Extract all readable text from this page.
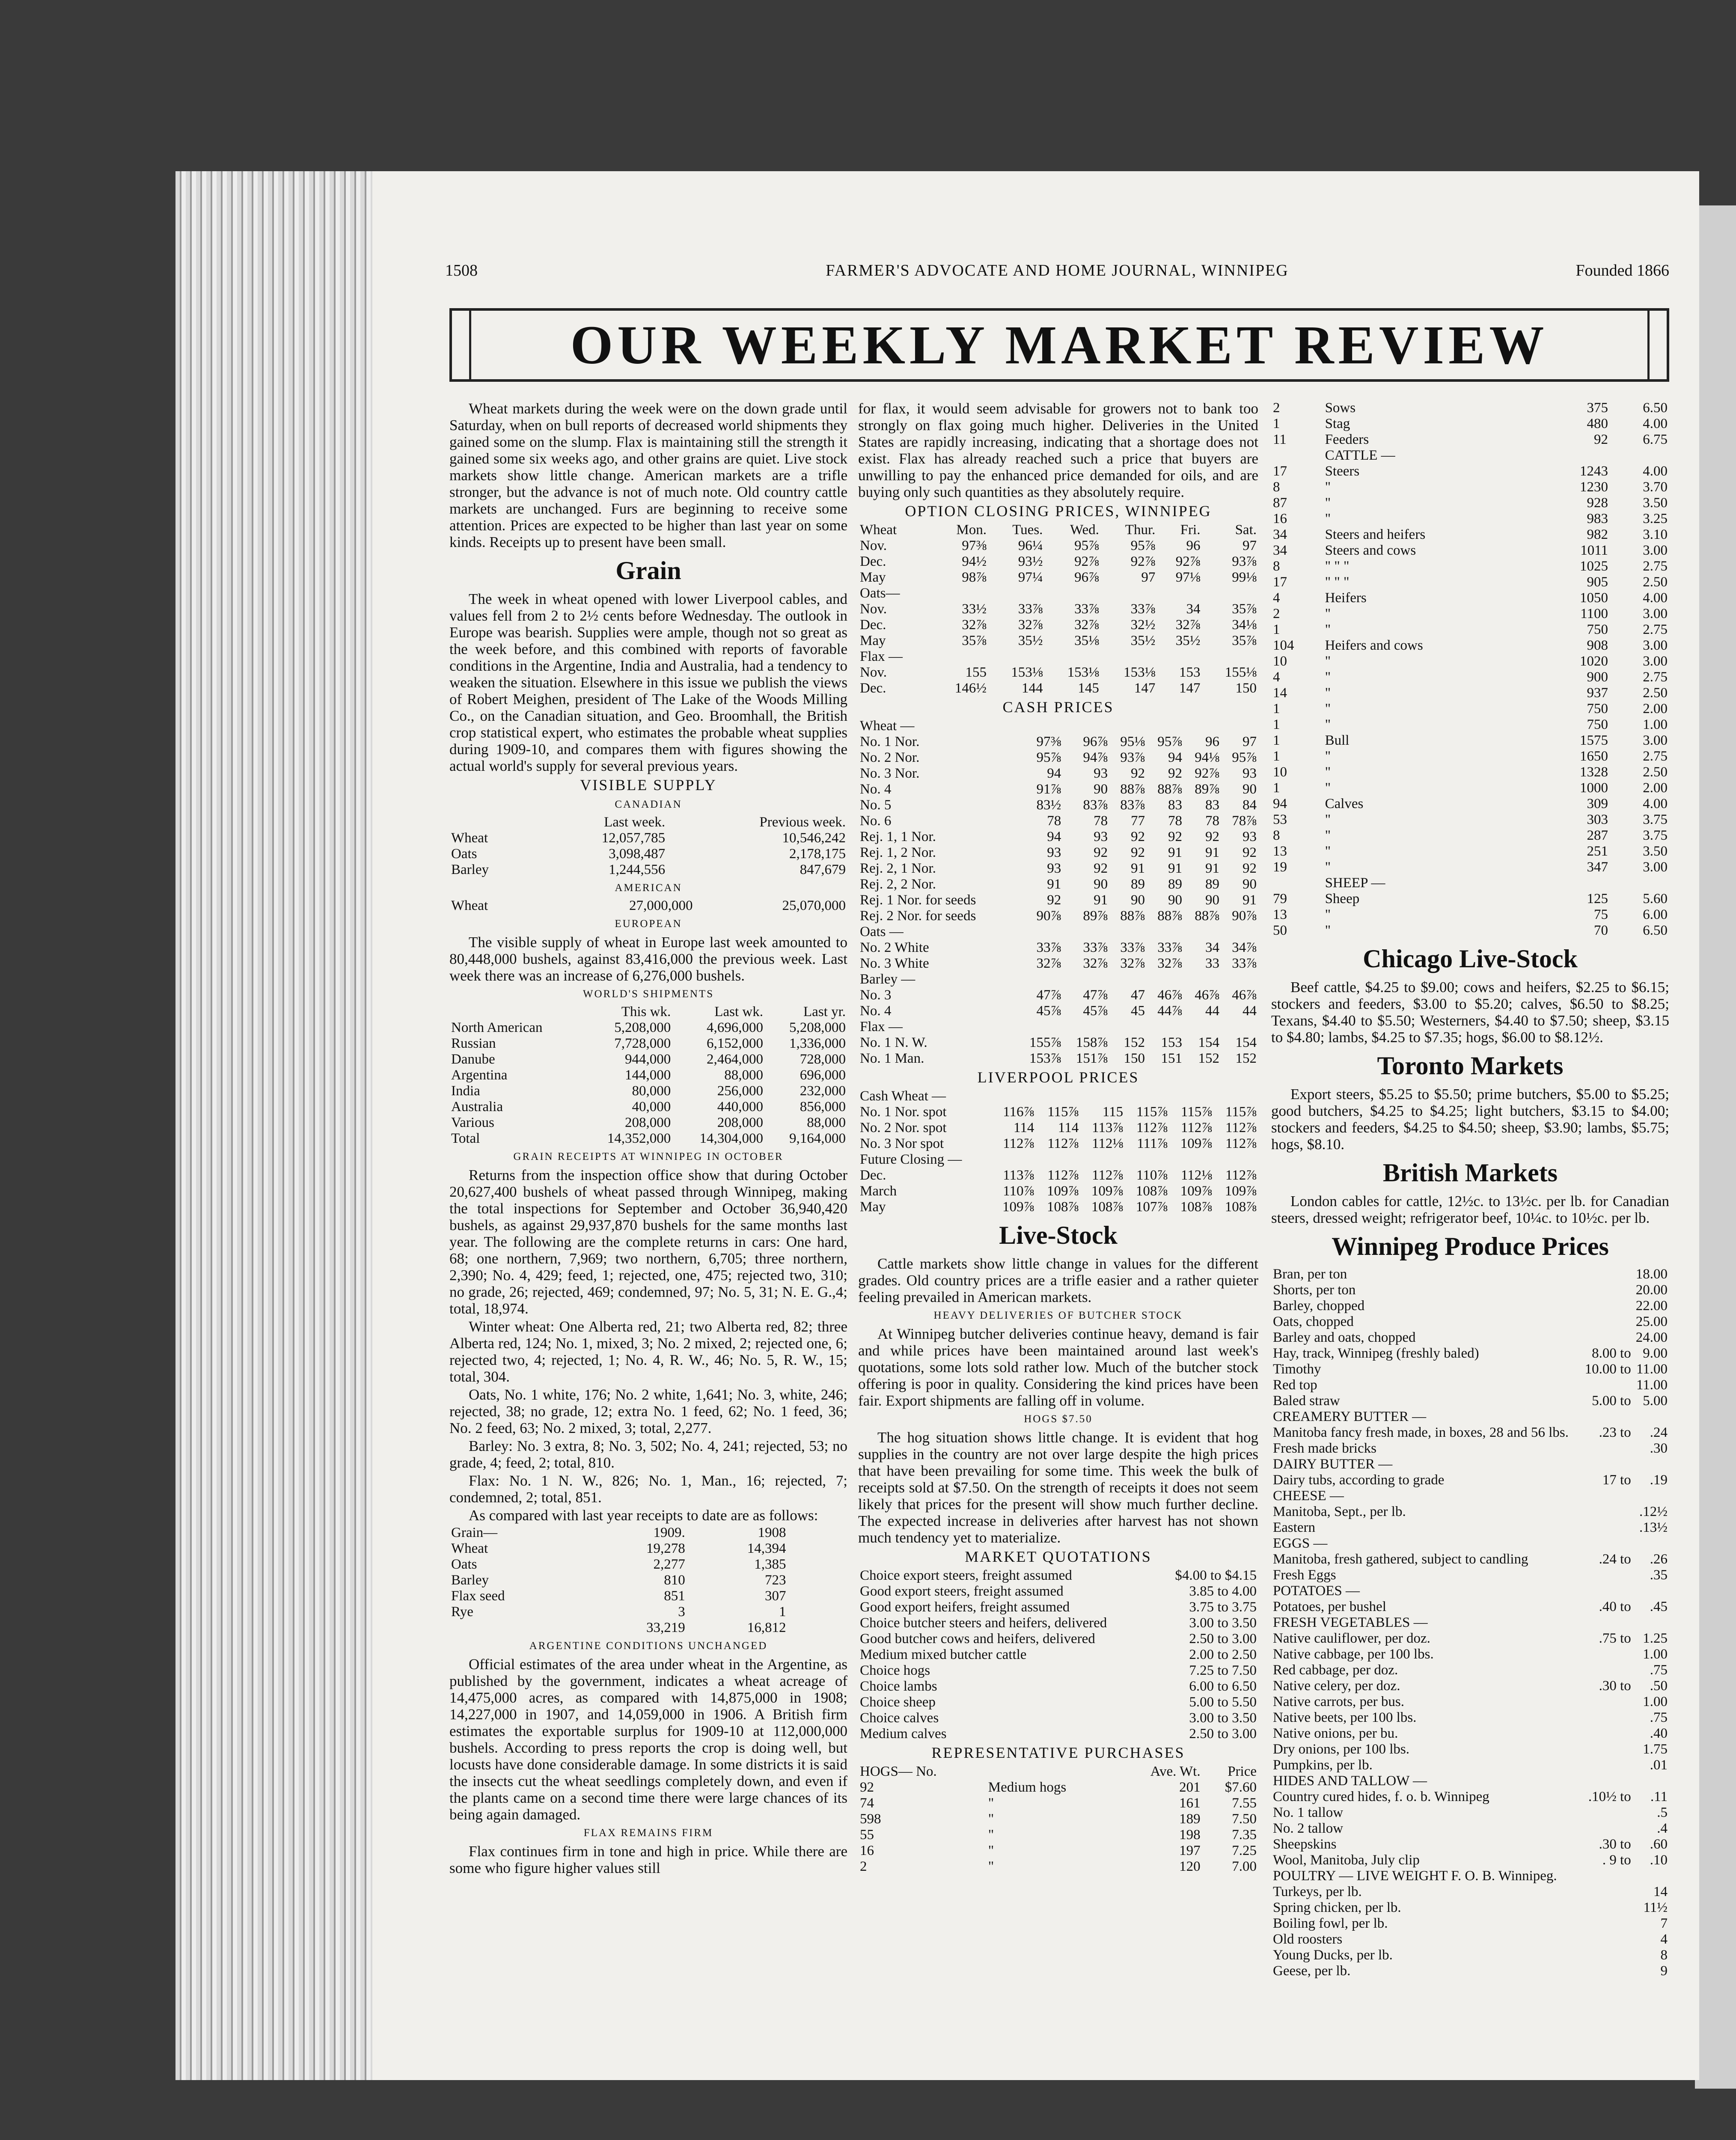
1508	FARMER'S ADVOCATE AND HOME JOURNAL, WINNIPEG	Founded 1866
OUR WEEKLY MARKET REVIEW

Wheat markets during the week were on the down grade until Saturday, when on bull reports of decreased world shipments they gained some on the slump. Flax is maintaining still the strength it gained some six weeks ago, and other grains are quiet. Live stock markets show little change. American markets are a trifle stronger, but the advance is not of much note. Old country cattle markets are unchanged. Furs are beginning to receive some attention. Prices are expected to be higher than last year on some kinds. Receipts up to present have been small.

Grain

The week in wheat opened with lower Liverpool cables, and values fell from 2 to 2½ cents before Wednesday. The outlook in Europe was bearish. Supplies were ample, though not so great as the week before, and this combined with reports of favorable conditions in the Argentine, India and Australia, had a tendency to weaken the situation. Elsewhere in this issue we publish the views of Robert Meighen, president of The Lake of the Woods Milling Co., on the Canadian situation, and Geo. Broomhall, the British crop statistical expert, who estimates the probable wheat supplies during 1909-10, and compares them with figures showing the actual world's supply for several previous years.

VISIBLE SUPPLY
CANADIAN
	Last week.	Previous week.
Wheat	12,057,785	10,546,242
Oats	3,098,487	2,178,175
Barley	1,244,556	847,679
AMERICAN
Wheat	27,000,000	25,070,000
EUROPEAN

The visible supply of wheat in Europe last week amounted to 80,448,000 bushels, against 83,416,000 the previous week. Last week there was an increase of 6,276,000 bushels.

WORLD'S SHIPMENTS
	This wk.	Last wk.	Last yr.
North American	5,208,000	4,696,000	5,208,000
Russian	7,728,000	6,152,000	1,336,000
Danube	944,000	2,464,000	728,000
Argentina	144,000	88,000	696,000
India	80,000	256,000	232,000
Australia	40,000	440,000	856,000
Various	208,000	208,000	88,000
Total	14,352,000	14,304,000	9,164,000
GRAIN RECEIPTS AT WINNIPEG IN OCTOBER

Returns from the inspection office show that during October 20,627,400 bushels of wheat passed through Winnipeg, making the total inspections for September and October 36,940,420 bushels, as against 29,937,870 bushels for the same months last year. The following are the complete returns in cars: One hard, 68; one northern, 7,969; two northern, 6,705; three northern, 2,390; No. 4, 429; feed, 1; rejected, one, 475; rejected two, 310; no grade, 26; rejected, 469; condemned, 97; No. 5, 31; N. E. G.,4; total, 18,974.

Winter wheat: One Alberta red, 21; two Alberta red, 82; three Alberta red, 124; No. 1, mixed, 3; No. 2 mixed, 2; rejected one, 6; rejected two, 4; rejected, 1; No. 4, R. W., 46; No. 5, R. W., 15; total, 304.

Oats, No. 1 white, 176; No. 2 white, 1,641; No. 3, white, 246; rejected, 38; no grade, 12; extra No. 1 feed, 62; No. 1 feed, 36; No. 2 feed, 63; No. 2 mixed, 3; total, 2,277.

Barley: No. 3 extra, 8; No. 3, 502; No. 4, 241; rejected, 53; no grade, 4; feed, 2; total, 810.

Flax: No. 1 N. W., 826; No. 1, Man., 16; rejected, 7; condemned, 2; total, 851.

As compared with last year receipts to date are as follows:

Grain—	1909.	1908
Wheat	19,278	14,394
Oats	2,277	1,385
Barley	810	723
Flax seed	851	307
Rye	3	1
	33,219	16,812
ARGENTINE CONDITIONS UNCHANGED

Official estimates of the area under wheat in the Argentine, as published by the government, indicates a wheat acreage of 14,475,000 acres, as compared with 14,875,000 in 1908; 14,227,000 in 1907, and 14,059,000 in 1906. A British firm estimates the exportable surplus for 1909-10 at 112,000,000 bushels. According to press reports the crop is doing well, but locusts have done considerable damage. In some districts it is said the insects cut the wheat seedlings completely down, and even if the plants came on a second time there were large chances of its being again damaged.

FLAX REMAINS FIRM

Flax continues firm in tone and high in price. While there are some who figure higher values still

for flax, it would seem advisable for growers not to bank too strongly on flax going much higher. Deliveries in the United States are rapidly increasing, indicating that a shortage does not exist. Flax has already reached such a price that buyers are unwilling to pay the enhanced price demanded for oils, and are buying only such quantities as they absolutely require.

OPTION CLOSING PRICES, WINNIPEG
Wheat	Mon.	Tues.	Wed.	Thur.	Fri.	Sat.
Nov.	97⅜	96¼	95⅞	95⅞	96	97
Dec.	94½	93½	92⅞	92⅞	92⅞	93⅞
May	98⅞	97¼	96⅞	97	97⅛	99⅛
Oats—						
Nov.	33½	33⅞	33⅞	33⅞	34	35⅞
Dec.	32⅞	32⅞	32⅞	32½	32⅞	34⅛
May	35⅞	35½	35⅛	35½	35½	35⅞
Flax —						
Nov.	155	153⅛	153⅛	153⅛	153	155⅛
Dec.	146½	144	145	147	147	150
CASH PRICES
Wheat —						
No. 1 Nor.	97⅜	96⅞	95⅛	95⅞	96	97
No. 2 Nor.	95⅞	94⅞	93⅞	94	94⅛	95⅞
No. 3 Nor.	94	93	92	92	92⅞	93
No. 4	91⅞	90	88⅞	88⅞	89⅞	90
No. 5	83½	83⅞	83⅞	83	83	84
No. 6	78	78	77	78	78	78⅞
Rej. 1, 1 Nor.	94	93	92	92	92	93
Rej. 1, 2 Nor.	93	92	92	91	91	92
Rej. 2, 1 Nor.	93	92	91	91	91	92
Rej. 2, 2 Nor.	91	90	89	89	89	90
Rej. 1 Nor. for seeds	92	91	90	90	90	91
Rej. 2 Nor. for seeds	90⅞	89⅞	88⅞	88⅞	88⅞	90⅞
Oats —						
No. 2 White	33⅞	33⅞	33⅞	33⅞	34	34⅞
No. 3 White	32⅞	32⅞	32⅞	32⅞	33	33⅞
Barley —						
No. 3	47⅞	47⅞	47	46⅞	46⅞	46⅞
No. 4	45⅞	45⅞	45	44⅞	44	44
Flax —						
No. 1 N. W.	155⅞	158⅞	152	153	154	154
No. 1 Man.	153⅞	151⅞	150	151	152	152
LIVERPOOL PRICES
Cash Wheat —						
No. 1 Nor. spot	116⅞	115⅞	115	115⅞	115⅞	115⅞
No. 2 Nor. spot	114	114	113⅞	112⅞	112⅞	112⅞
No. 3 Nor spot	112⅞	112⅞	112⅛	111⅞	109⅞	112⅞
Future Closing —						
Dec.	113⅞	112⅞	112⅞	110⅞	112⅛	112⅞
March	110⅞	109⅞	109⅞	108⅞	109⅞	109⅞
May	109⅞	108⅞	108⅞	107⅞	108⅞	108⅞
Live-Stock

Cattle markets show little change in values for the different grades. Old country prices are a trifle easier and a rather quieter feeling prevailed in American markets.

HEAVY DELIVERIES OF BUTCHER STOCK

At Winnipeg butcher deliveries continue heavy, demand is fair and while prices have been maintained around last week's quotations, some lots sold rather low. Much of the butcher stock offering is poor in quality. Considering the kind prices have been fair. Export shipments are falling off in volume.

HOGS $7.50

The hog situation shows little change. It is evident that hog supplies in the country are not over large despite the high prices that have been prevailing for some time. This week the bulk of receipts sold at $7.50. On the strength of receipts it does not seem likely that prices for the present will show much further decline. The expected increase in deliveries after harvest has not shown much tendency yet to materialize.

MARKET QUOTATIONS
Choice export steers, freight assumed	$4.00 to $4.15
Good export steers, freight assumed	3.85 to 4.00
Good export heifers, freight assumed	3.75 to 3.75
Choice butcher steers and heifers, delivered	3.00 to 3.50
Good butcher cows and heifers, delivered	2.50 to 3.00
Medium mixed butcher cattle	2.00 to 2.50
Choice hogs	7.25 to 7.50
Choice lambs	6.00 to 6.50
Choice sheep	5.00 to 5.50
Choice calves	3.00 to 3.50
Medium calves	2.50 to 3.00
REPRESENTATIVE PURCHASES
HOGS— No.		Ave. Wt.	Price
92	Medium hogs	201	$7.60
74	"	161	7.55
598	"	189	7.50
55	"	198	7.35
16	"	197	7.25
2	"	120	7.00
2	Sows	375	6.50
1	Stag	480	4.00
11	Feeders	92	6.75
	CATTLE —		
17	Steers	1243	4.00
8	"	1230	3.70
87	"	928	3.50
16	"	983	3.25
34	Steers and heifers	982	3.10
34	Steers and cows	1011	3.00
8	" " "	1025	2.75
17	" " "	905	2.50
4	Heifers	1050	4.00
2	"	1100	3.00
1	"	750	2.75
104	Heifers and cows	908	3.00
10	"	1020	3.00
4	"	900	2.75
14	"	937	2.50
1	"	750	2.00
1	"	750	1.00
1	Bull	1575	3.00
1	"	1650	2.75
10	"	1328	2.50
1	"	1000	2.00
94	Calves	309	4.00
53	"	303	3.75
8	"	287	3.75
13	"	251	3.50
19	"	347	3.00
	SHEEP —		
79	Sheep	125	5.60
13	"	75	6.00
50	"	70	6.50
Chicago Live-Stock

Beef cattle, $4.25 to $9.00; cows and heifers, $2.25 to $6.15; stockers and feeders, $3.00 to $5.20; calves, $6.50 to $8.25; Texans, $4.40 to $5.50; Westerners, $4.40 to $7.50; sheep, $3.15 to $4.80; lambs, $4.25 to $7.35; hogs, $6.00 to $8.12½.

Toronto Markets

Export steers, $5.25 to $5.50; prime butchers, $5.00 to $5.25; good butchers, $4.25 to $4.25; light butchers, $3.15 to $4.00; stockers and feeders, $4.25 to $4.50; sheep, $3.90; lambs, $5.75; hogs, $8.10.

British Markets

London cables for cattle, 12½c. to 13½c. per lb. for Canadian steers, dressed weight; refrigerator beef, 10¼c. to 10½c. per lb.

Winnipeg Produce Prices
Bran, per ton		18.00
Shorts, per ton		20.00
Barley, chopped		22.00
Oats, chopped		25.00
Barley and oats, chopped		24.00
Hay, track, Winnipeg (freshly baled)	8.00 to	9.00
Timothy	10.00 to	11.00
Red top		11.00
Baled straw	5.00 to	5.00
CREAMERY BUTTER —		
Manitoba fancy fresh made, in boxes, 28 and 56 lbs.	.23 to	.24
Fresh made bricks		.30
DAIRY BUTTER —		
Dairy tubs, according to grade	17 to	.19
CHEESE —		
Manitoba, Sept., per lb.		.12½
Eastern		.13½
EGGS —		
Manitoba, fresh gathered, subject to candling	.24 to	.26
Fresh Eggs		.35
POTATOES —		
Potatoes, per bushel	.40 to	.45
FRESH VEGETABLES —		
Native cauliflower, per doz.	.75 to	1.25
Native cabbage, per 100 lbs.		1.00
Red cabbage, per doz.		.75
Native celery, per doz.	.30 to	.50
Native carrots, per bus.		1.00
Native beets, per 100 lbs.		.75
Native onions, per bu.		.40
Dry onions, per 100 lbs.		1.75
Pumpkins, per lb.		.01
HIDES AND TALLOW —		
Country cured hides, f. o. b. Winnipeg	.10½ to	.11
No. 1 tallow		.5
No. 2 tallow		.4
Sheepskins	.30 to	.60
Wool, Manitoba, July clip	. 9 to	.10
POULTRY — LIVE WEIGHT F. O. B. Winnipeg.		
Turkeys, per lb.		14
Spring chicken, per lb.		11½
Boiling fowl, per lb.		7
Old roosters		4
Young Ducks, per lb.		8
Geese, per lb.		9
